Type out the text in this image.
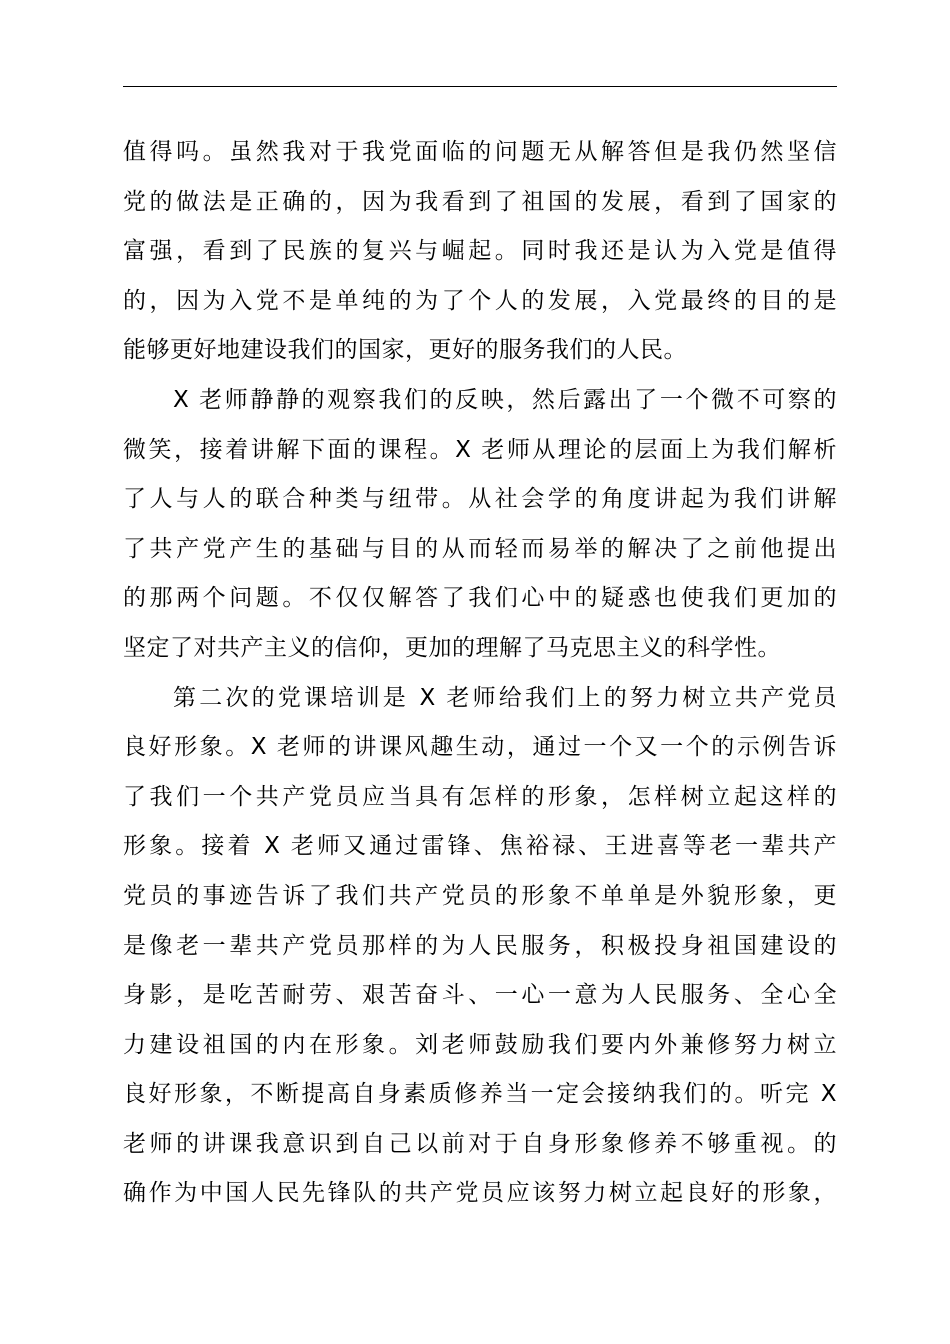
值得吗。虽然我对于我党面临的问题无从解答但是我仍然坚信
党的做法是正确的，因为我看到了祖国的发展，看到了国家的
富强，看到了民族的复兴与崛起。同时我还是认为入党是值得
的，因为入党不是单纯的为了个人的发展，入党最终的目的是
能够更好地建设我们的国家，更好的服务我们的人民。
X 老师静静的观察我们的反映，然后露出了一个微不可察的
微笑，接着讲解下面的课程。X 老师从理论的层面上为我们解析
了人与人的联合种类与纽带。从社会学的角度讲起为我们讲解
了共产党产生的基础与目的从而轻而易举的解决了之前他提出
的那两个问题。不仅仅解答了我们心中的疑惑也使我们更加的
坚定了对共产主义的信仰，更加的理解了马克思主义的科学性。
第二次的党课培训是 X 老师给我们上的努力树立共产党员
良好形象。X 老师的讲课风趣生动，通过一个又一个的示例告诉
了我们一个共产党员应当具有怎样的形象，怎样树立起这样的
形象。接着 X 老师又通过雷锋、焦裕禄、王进喜等老一辈共产
党员的事迹告诉了我们共产党员的形象不单单是外貌形象，更
是像老一辈共产党员那样的为人民服务，积极投身祖国建设的
身影，是吃苦耐劳、艰苦奋斗、一心一意为人民服务、全心全
力建设祖国的内在形象。刘老师鼓励我们要内外兼修努力树立
良好形象，不断提高自身素质修养当一定会接纳我们的。听完 X
老师的讲课我意识到自己以前对于自身形象修养不够重视。的
确作为中国人民先锋队的共产党员应该努力树立起良好的形象，
